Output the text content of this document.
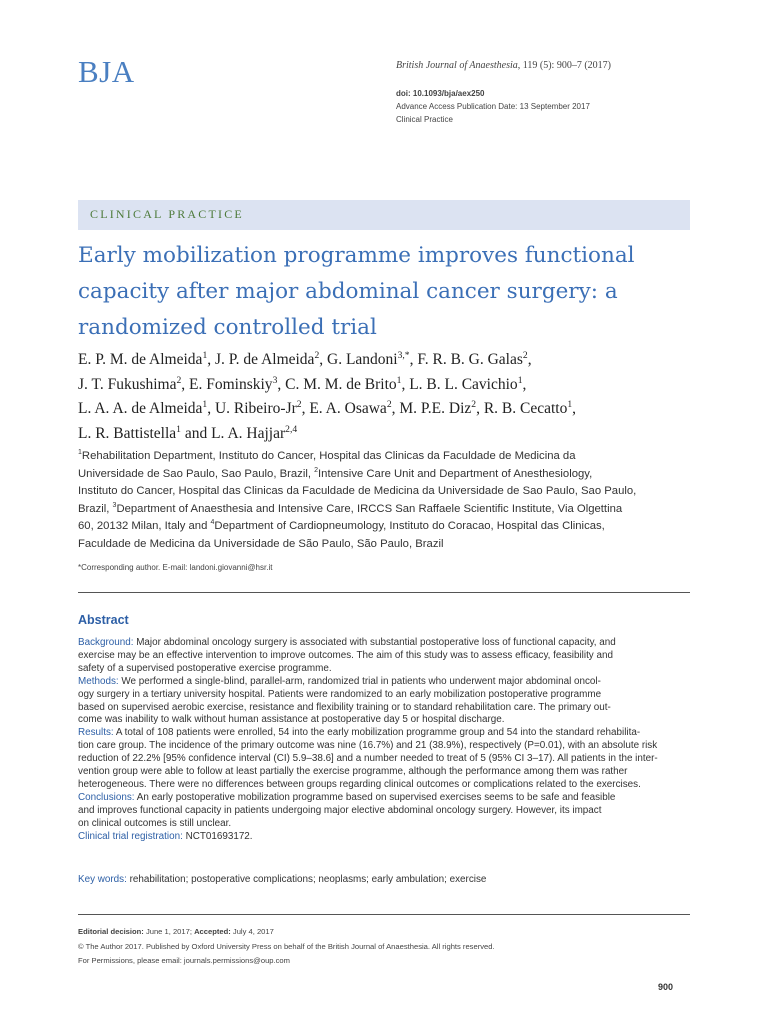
BJA	British Journal of Anaesthesia, 119 (5): 900–7 (2017)
doi: 10.1093/bja/aex250
Advance Access Publication Date: 13 September 2017
Clinical Practice
CLINICAL PRACTICE
Early mobilization programme improves functional
capacity after major abdominal cancer surgery: a
randomized controlled trial
E. P. M. de Almeida$^1$, J. P. de Almeida$^2$, G. Landoni$^{3,*}$, F. R. B. G. Galas$^2$,
J. T. Fukushima$^2$, E. Fominskiy$^3$, C. M. M. de Brito$^1$, L. B. L. Cavichio$^1$,
L. A. A. de Almeida$^1$, U. Ribeiro-Jr$^2$, E. A. Osawa$^2$, M. P.E. Diz$^2$, R. B. Cecatto$^1$,
L. R. Battistella$^1$ and L. A. Hajjar$^{2,4}$
$^1$Rehabilitation Department, Instituto do Cancer, Hospital das Clinicas da Faculdade de Medicina da
Universidade de Sao Paulo, Sao Paulo, Brazil, $^2$Intensive Care Unit and Department of Anesthesiology,
Instituto do Cancer, Hospital das Clinicas da Faculdade de Medicina da Universidade de Sao Paulo, Sao Paulo,
Brazil, $^3$Department of Anaesthesia and Intensive Care, IRCCS San Raffaele Scientific Institute, Via Olgettina
60, 20132 Milan, Italy and $^4$Department of Cardiopneumology, Instituto do Coracao, Hospital das Clinicas,
Faculdade de Medicina da Universidade de São Paulo, São Paulo, Brazil
*Corresponding author. E-mail: landoni.giovanni@hsr.it
Abstract
Background: Major abdominal oncology surgery is associated with substantial postoperative loss of functional capacity, and
exercise may be an effective intervention to improve outcomes. The aim of this study was to assess efficacy, feasibility and
safety of a supervised postoperative exercise programme.
Methods: We performed a single-blind, parallel-arm, randomized trial in patients who underwent major abdominal oncol-
ogy surgery in a tertiary university hospital. Patients were randomized to an early mobilization postoperative programme
based on supervised aerobic exercise, resistance and flexibility training or to standard rehabilitation care. The primary out-
come was inability to walk without human assistance at postoperative day 5 or hospital discharge.
Results: A total of 108 patients were enrolled, 54 into the early mobilization programme group and 54 into the standard rehabilita-
tion care group. The incidence of the primary outcome was nine (16.7%) and 21 (38.9%), respectively (P=0.01), with an absolute risk
reduction of 22.2% [95% confidence interval (CI) 5.9–38.6] and a number needed to treat of 5 (95% CI 3–17). All patients in the inter-
vention group were able to follow at least partially the exercise programme, although the performance among them was rather
heterogeneous. There were no differences between groups regarding clinical outcomes or complications related to the exercises.
Conclusions: An early postoperative mobilization programme based on supervised exercises seems to be safe and feasible
and improves functional capacity in patients undergoing major elective abdominal oncology surgery. However, its impact
on clinical outcomes is still unclear.
Clinical trial registration: NCT01693172.
Key words: rehabilitation; postoperative complications; neoplasms; early ambulation; exercise
Editorial decision: June 1, 2017; Accepted: July 4, 2017
© The Author 2017. Published by Oxford University Press on behalf of the British Journal of Anaesthesia. All rights reserved.
For Permissions, please email: journals.permissions@oup.com
900
